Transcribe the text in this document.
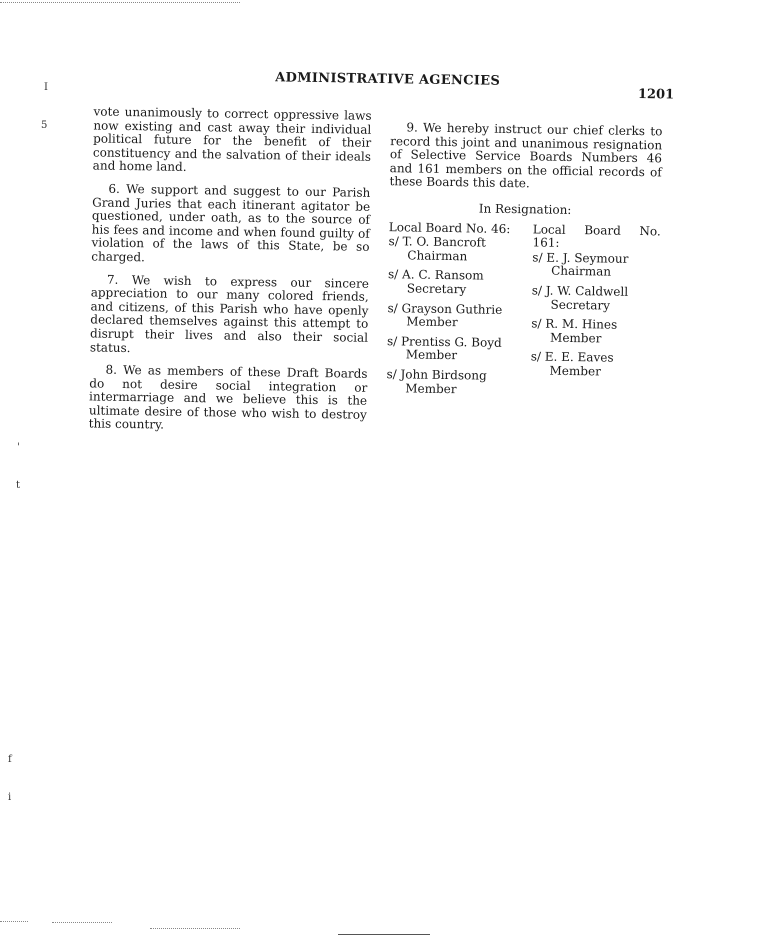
ADMINISTRATIVE AGENCIES
1201

vote unanimously to correct oppressive laws now existing and cast away their individual political future for the benefit of their constituency and the salvation of their ideals and home land.

6. We support and suggest to our Parish Grand Juries that each itinerant agitator be questioned, under oath, as to the source of his fees and income and when found guilty of violation of the laws of this State, be so charged.

7. We wish to express our sincere appreciation to our many colored friends, and citizens, of this Parish who have openly declared themselves against this attempt to disrupt their lives and also their social status.

8. We as members of these Draft Boards do not desire social integration or intermarriage and we believe this is the ultimate desire of those who wish to destroy this country.

9. We hereby instruct our chief clerks to record this joint and unanimous resignation of Selective Service Boards Numbers 46 and 161 members on the official records of these Boards this date.

In Resignation:
Local Board No. 46:
s/ T. O. Bancroft
Chairman
s/ A. C. Ransom
Secretary
s/ Grayson Guthrie
Member
s/ Prentiss G. Boyd
Member
s/ John Birdsong
Member
Local Board No. 161:
s/ E. J. Seymour
Chairman
s/ J. W. Caldwell
Secretary
s/ R. M. Hines
Member
s/ E. E. Eaves
Member
I
5
'
t
f
i
